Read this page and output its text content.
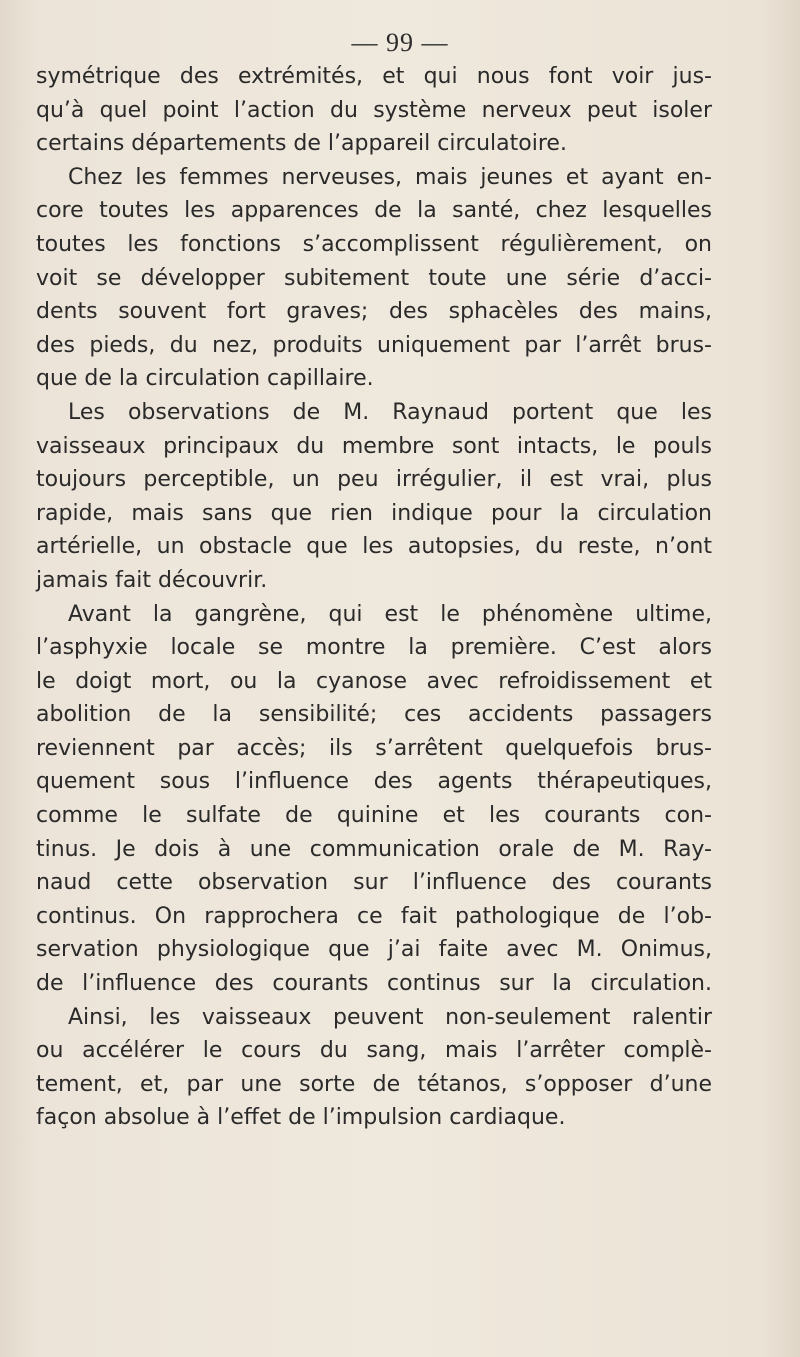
— 99 —
symétrique des extrémités, et qui nous font voir jus-
qu’à quel point l’action du système nerveux peut isoler
certains départements de l’appareil circulatoire.
Chez les femmes nerveuses, mais jeunes et ayant en-
core toutes les apparences de la santé, chez lesquelles
toutes les fonctions s’accomplissent régulièrement, on
voit se développer subitement toute une série d’acci-
dents souvent fort graves; des sphacèles des mains,
des pieds, du nez, produits uniquement par l’arrêt brus-
que de la circulation capillaire.
Les observations de M. Raynaud portent que les
vaisseaux principaux du membre sont intacts, le pouls
toujours perceptible, un peu irrégulier, il est vrai, plus
rapide, mais sans que rien indique pour la circulation
artérielle, un obstacle que les autopsies, du reste, n’ont
jamais fait découvrir.
Avant la gangrène, qui est le phénomène ultime,
l’asphyxie locale se montre la première. C’est alors
le doigt mort, ou la cyanose avec refroidissement et
abolition de la sensibilité; ces accidents passagers
reviennent par accès; ils s’arrêtent quelquefois brus-
quement sous l’influence des agents thérapeutiques,
comme le sulfate de quinine et les courants con-
tinus. Je dois à une communication orale de M. Ray-
naud cette observation sur l’influence des courants
continus. On rapprochera ce fait pathologique de l’ob-
servation physiologique que j’ai faite avec M. Onimus,
de l’influence des courants continus sur la circulation.
Ainsi, les vaisseaux peuvent non-seulement ralentir
ou accélérer le cours du sang, mais l’arrêter complè-
tement, et, par une sorte de tétanos, s’opposer d’une
façon absolue à l’effet de l’impulsion cardiaque.
